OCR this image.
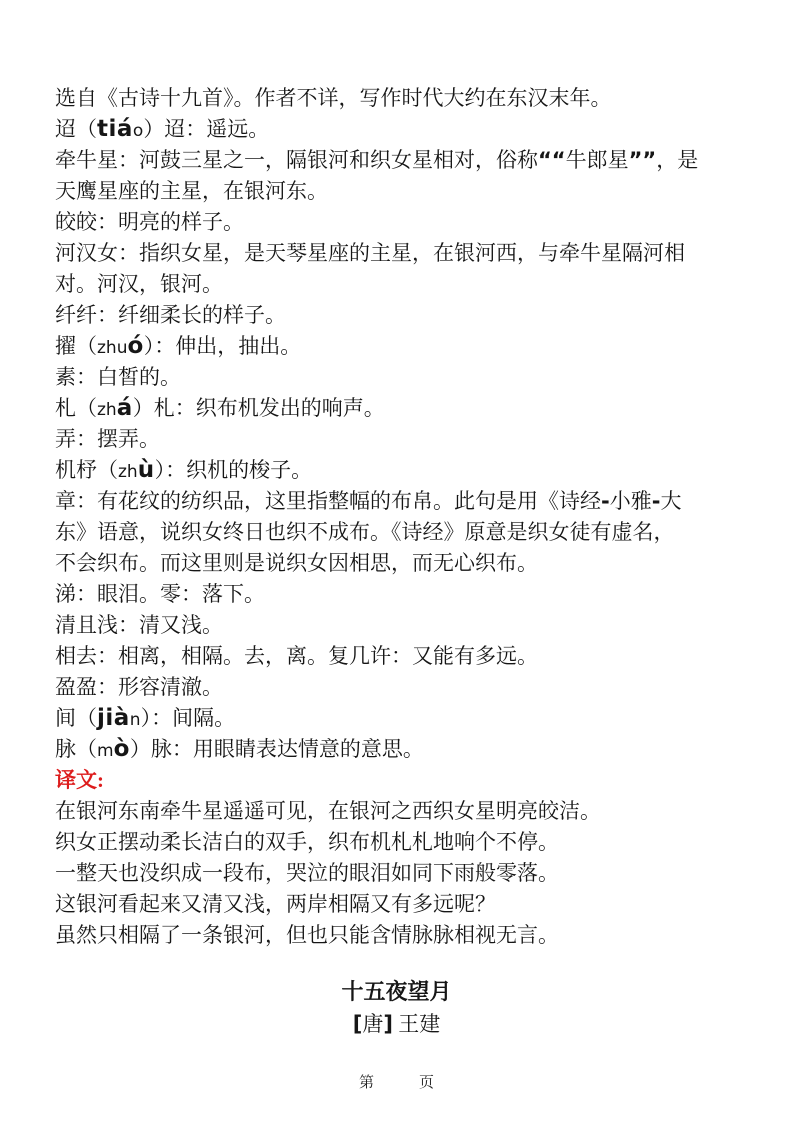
选自《古诗十九首》。作者不详，写作时代大约在东汉末年。
迢（tiáo）迢：遥远。
牵牛星：河鼓三星之一，隔银河和织女星相对，俗称““牛郎星””，是
天鹰星座的主星，在银河东。
皎皎：明亮的样子。
河汉女：指织女星，是天琴星座的主星，在银河西，与牵牛星隔河相
对。河汉，银河。
纤纤：纤细柔长的样子。
擢（zhuó）：伸出，抽出。
素：白皙的。
札（zhá）札：织布机发出的响声。
弄：摆弄。
机杼（zhù）：织机的梭子。
章：有花纹的纺织品，这里指整幅的布帛。此句是用《诗经-小雅-大
东》语意，说织女终日也织不成布。《诗经》原意是织女徒有虚名，
不会织布。而这里则是说织女因相思，而无心织布。
涕：眼泪。零：落下。
清且浅：清又浅。
相去：相离，相隔。去，离。复几许：又能有多远。
盈盈：形容清澈。
间（jiàn）：间隔。
脉（mò）脉：用眼睛表达情意的意思。
译文:
在银河东南牵牛星遥遥可见，在银河之西织女星明亮皎洁。
织女正摆动柔长洁白的双手，织布机札札地响个不停。
一整天也没织成一段布，哭泣的眼泪如同下雨般零落。
这银河看起来又清又浅，两岸相隔又有多远呢？
虽然只相隔了一条银河，但也只能含情脉脉相视无言。
十五夜望月
[唐] 王建
第　　　页
